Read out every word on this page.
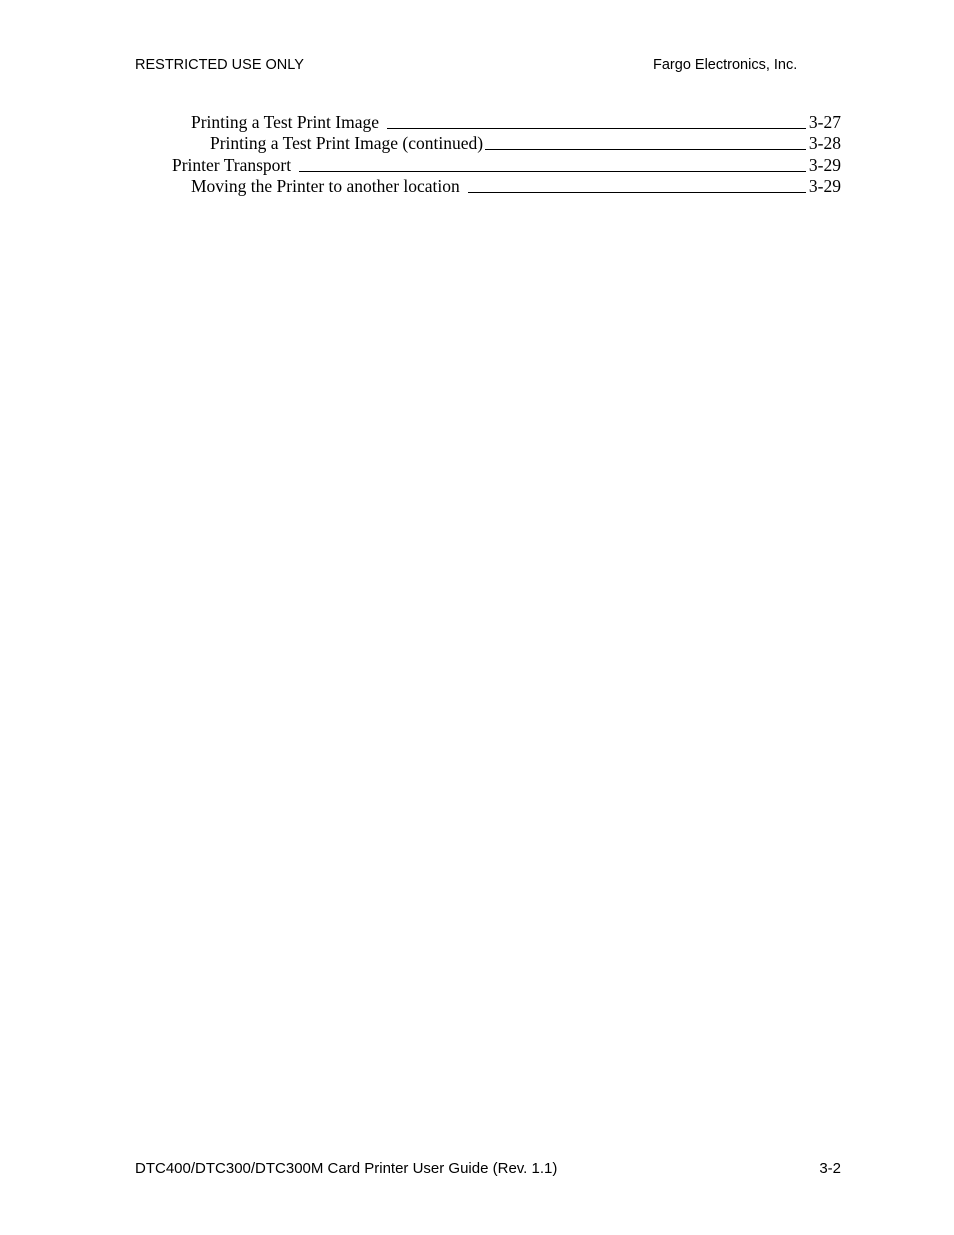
RESTRICTED USE ONLY	Fargo Electronics, Inc.
Printing a Test Print Image	3-27
Printing a Test Print Image (continued)	3-28
Printer Transport	3-29
Moving the Printer to another location	3-29
DTC400/DTC300/DTC300M Card Printer User Guide (Rev. 1.1)	3-2
